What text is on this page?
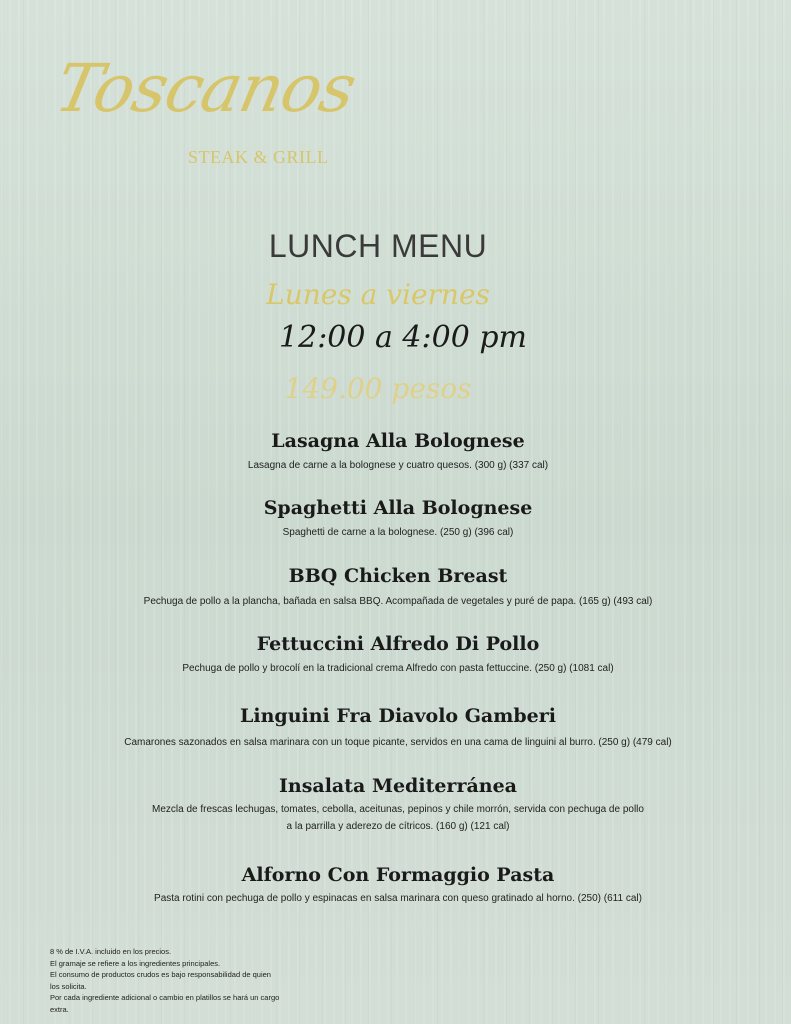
Toscanos
STEAK & GRILL
LUNCH MENU
Lunes a viernes
12:00 a 4:00 pm
149.00 pesos
Lasagna Alla Bolognese
Lasagna de carne a la bolognese y cuatro quesos. (300 g) (337 cal)
Spaghetti Alla Bolognese
Spaghetti de carne a la bolognese. (250 g) (396 cal)
BBQ Chicken Breast
Pechuga de pollo a la plancha, bañada en salsa BBQ. Acompañada de vegetales y puré de papa. (165 g) (493 cal)
Fettuccini Alfredo Di Pollo
Pechuga de pollo y brocolí en la tradicional crema Alfredo con pasta fettuccine. (250 g) (1081 cal)
Linguini Fra Diavolo Gamberi
Camarones sazonados en salsa marinara con un toque picante, servidos en una cama de linguini al burro. (250 g) (479 cal)
Insalata Mediterránea
Mezcla de frescas lechugas, tomates, cebolla, aceitunas, pepinos y chile morrón, servida con pechuga de pollo
a la parrilla y aderezo de cítricos. (160 g) (121 cal)
Alforno Con Formaggio Pasta
Pasta rotini con pechuga de pollo y espinacas en salsa marinara con queso gratinado al horno. (250) (611 cal)
8 % de I.V.A. incluido en los precios.
El gramaje se refiere a los ingredientes principales.
El consumo de productos crudos es bajo responsabilidad de quien
los solicita.
Por cada ingrediente adicional o cambio en platillos se hará un cargo
extra.
